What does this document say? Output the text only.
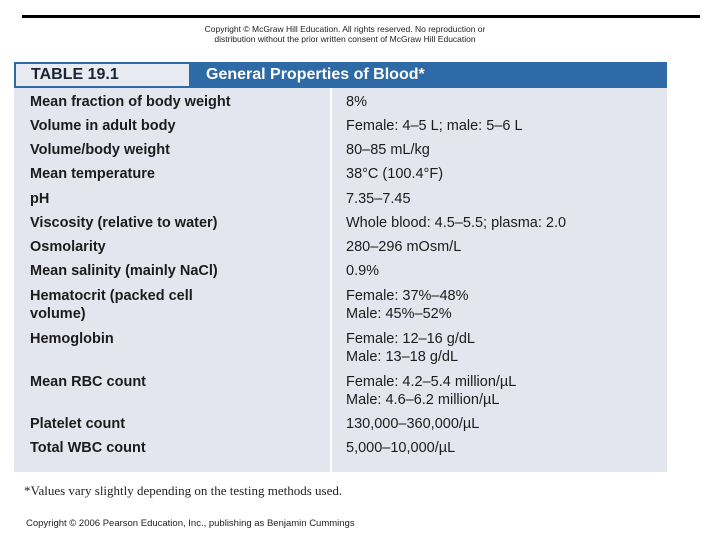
Copyright © McGraw Hill Education. All rights reserved. No reproduction or
distribution without the prior written consent of McGraw Hill Education
TABLE 19.1	General Properties of Blood*
Mean fraction of body weight
Volume in adult body
Volume/body weight
Mean temperature
pH
Viscosity (relative to water)
Osmolarity
Mean salinity (mainly NaCl)
Hematocrit (packed cell
volume)
Hemoglobin
Mean RBC count
Platelet count
Total WBC count
8%
Female: 4–5 L; male: 5–6 L
80–85 mL/kg
38°C (100.4°F)
7.35–7.45
Whole blood: 4.5–5.5; plasma: 2.0
280–296 mOsm/L
0.9%
Female: 37%–48%
Male: 45%–52%
Female: 12–16 g/dL
Male: 13–18 g/dL
Female: 4.2–5.4 million/µL
Male: 4.6–6.2 million/µL
130,000–360,000/µL
5,000–10,000/µL
*Values vary slightly depending on the testing methods used.
Copyright © 2006 Pearson Education, Inc., publishing as Benjamin Cummings
